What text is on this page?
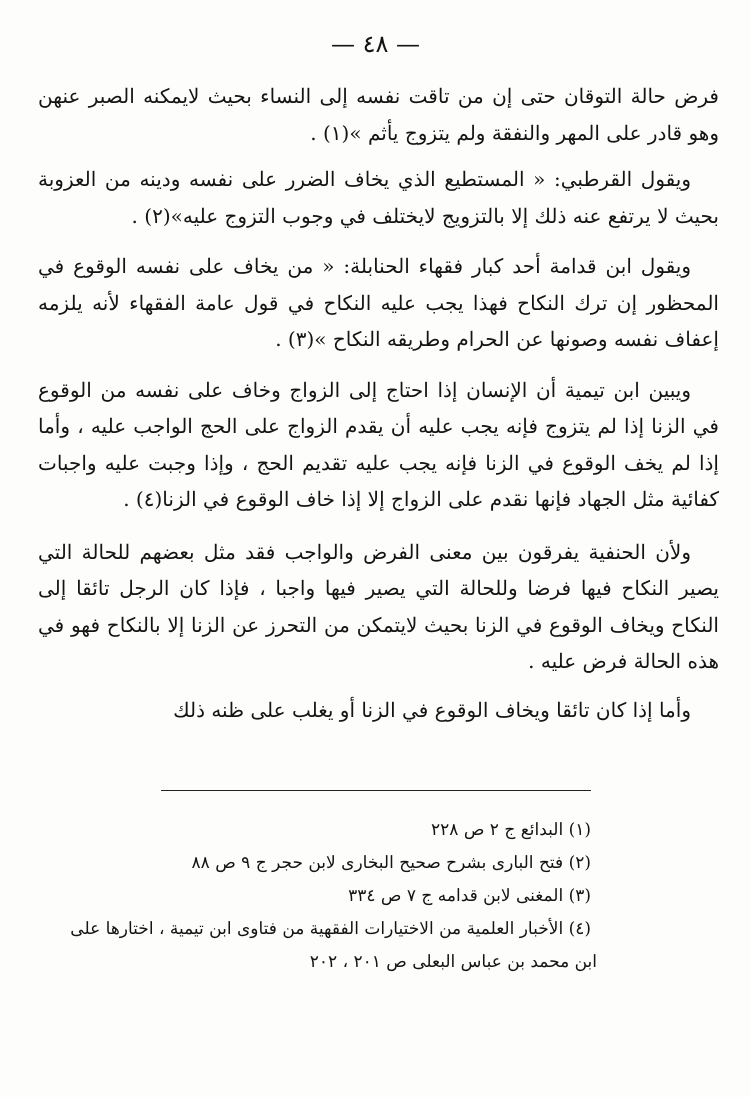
— ٤٨ —

فرض حالة التوقان حتى إن من تاقت نفسه إلى النساء بحيث لايمكنه الصبر عنهن وهو قادر على المهر والنفقة ولم يتزوج يأثم »(١) .

ويقول القرطبي: « المستطيع الذي يخاف الضرر على نفسه ودينه من العزوبة بحيث لا يرتفع عنه ذلك إلا بالتزويج لايختلف في وجوب التزوج عليه»(٢) .

ويقول ابن قدامة أحد كبار فقهاء الحنابلة: « من يخاف على نفسه الوقوع في المحظور إن ترك النكاح فهذا يجب عليه النكاح في قول عامة الفقهاء لأنه يلزمه إعفاف نفسه وصونها عن الحرام وطريقه النكاح »(٣) .

ويبين ابن تيمية أن الإنسان إذا احتاج إلى الزواج وخاف على نفسه من الوقوع في الزنا إذا لم يتزوج فإنه يجب عليه أن يقدم الزواج على الحج الواجب عليه ، وأما إذا لم يخف الوقوع في الزنا فإنه يجب عليه تقديم الحج ، وإذا وجبت عليه واجبات كفائية مثل الجهاد فإنها نقدم على الزواج إلا إذا خاف الوقوع في الزنا(٤) .

ولأن الحنفية يفرقون بين معنى الفرض والواجب فقد مثل بعضهم للحالة التي يصير النكاح فيها فرضا وللحالة التي يصير فيها واجبا ، فإذا كان الرجل تائقا إلى النكاح ويخاف الوقوع في الزنا بحيث لايتمكن من التحرز عن الزنا إلا بالنكاح فهو في هذه الحالة فرض عليه .

وأما إذا كان تائقا ويخاف الوقوع في الزنا أو يغلب على ظنه ذلك

(١) البدائع ج ٢ ص ٢٢٨

(٢) فتح البارى بشرح صحيح البخارى لابن حجر ج ٩ ص ٨٨

(٣) المغنى لابن قدامه ج ٧ ص ٣٣٤

(٤) الأخبار العلمية من الاختيارات الفقهية من فتاوى ابن تيمية ، اختارها على

ابن محمد بن عباس البعلى ص ٢٠١ ، ٢٠٢
